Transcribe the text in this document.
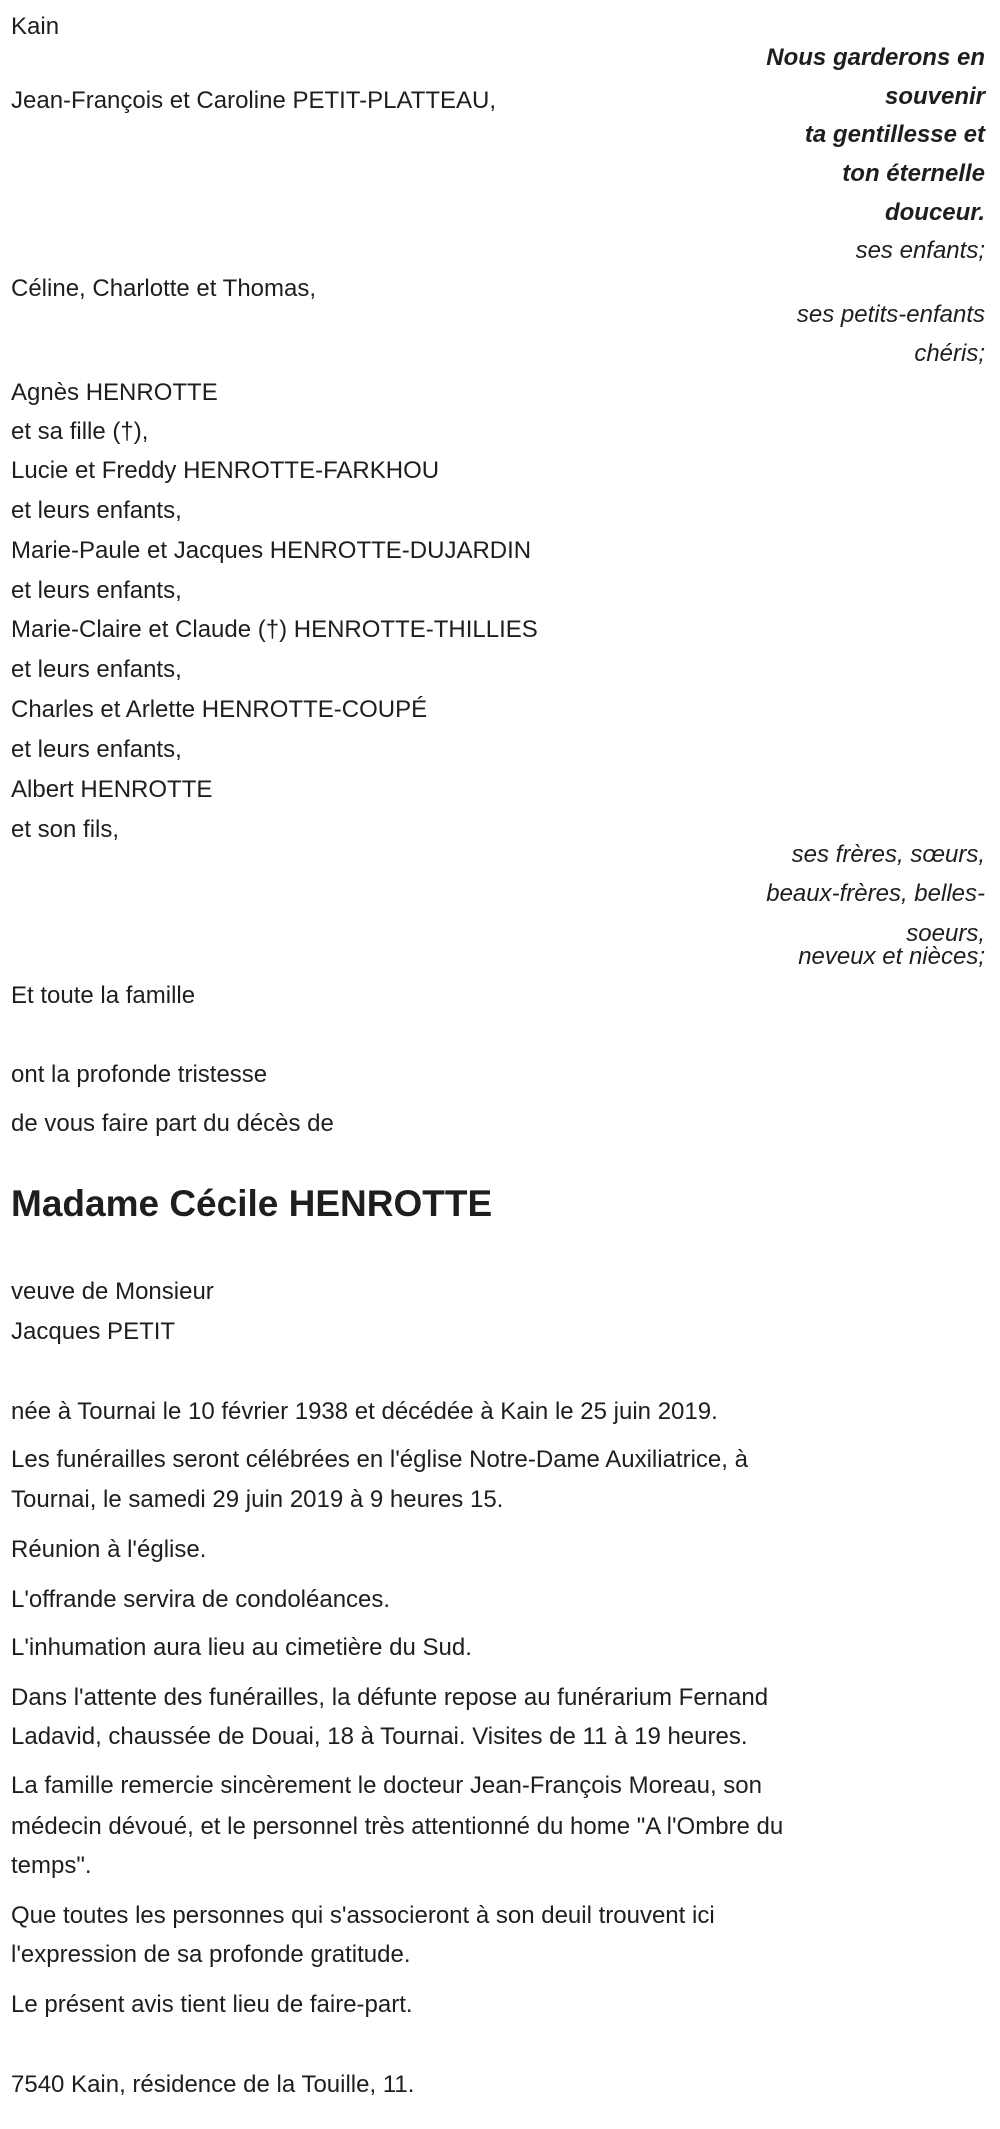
Kain
Nous garderons en
souvenir
ta gentillesse et
ton éternelle
douceur.
ses enfants;
Jean-François et Caroline PETIT-PLATTEAU,
Céline, Charlotte et Thomas,
ses petits-enfants
chéris;
Agnès HENROTTE
et sa fille (†),
Lucie et Freddy HENROTTE-FARKHOU
et leurs enfants,
Marie-Paule et Jacques HENROTTE-DUJARDIN
et leurs enfants,
Marie-Claire et Claude (†) HENROTTE-THILLIES
et leurs enfants,
Charles et Arlette HENROTTE-COUPÉ
et leurs enfants,
Albert HENROTTE
et son fils,
ses frères, sœurs,
beaux-frères, belles-
soeurs,
neveux et nièces;
Et toute la famille
ont la profonde tristesse
de vous faire part du décès de
Madame Cécile HENROTTE
veuve de Monsieur
Jacques PETIT
née à Tournai le 10 février 1938 et décédée à Kain le 25 juin 2019.
Les funérailles seront célébrées en l'église Notre-Dame Auxiliatrice, à
Tournai, le samedi 29 juin 2019 à 9 heures 15.
Réunion à l'église.
L'offrande servira de condoléances.
L'inhumation aura lieu au cimetière du Sud.
Dans l'attente des funérailles, la défunte repose au funérarium Fernand
Ladavid, chaussée de Douai, 18 à Tournai. Visites de 11 à 19 heures.
La famille remercie sincèrement le docteur Jean-François Moreau, son
médecin dévoué, et le personnel très attentionné du home "A l'Ombre du
temps".
Que toutes les personnes qui s'associeront à son deuil trouvent ici
l'expression de sa profonde gratitude.
Le présent avis tient lieu de faire-part.
7540 Kain, résidence de la Touille, 11.
